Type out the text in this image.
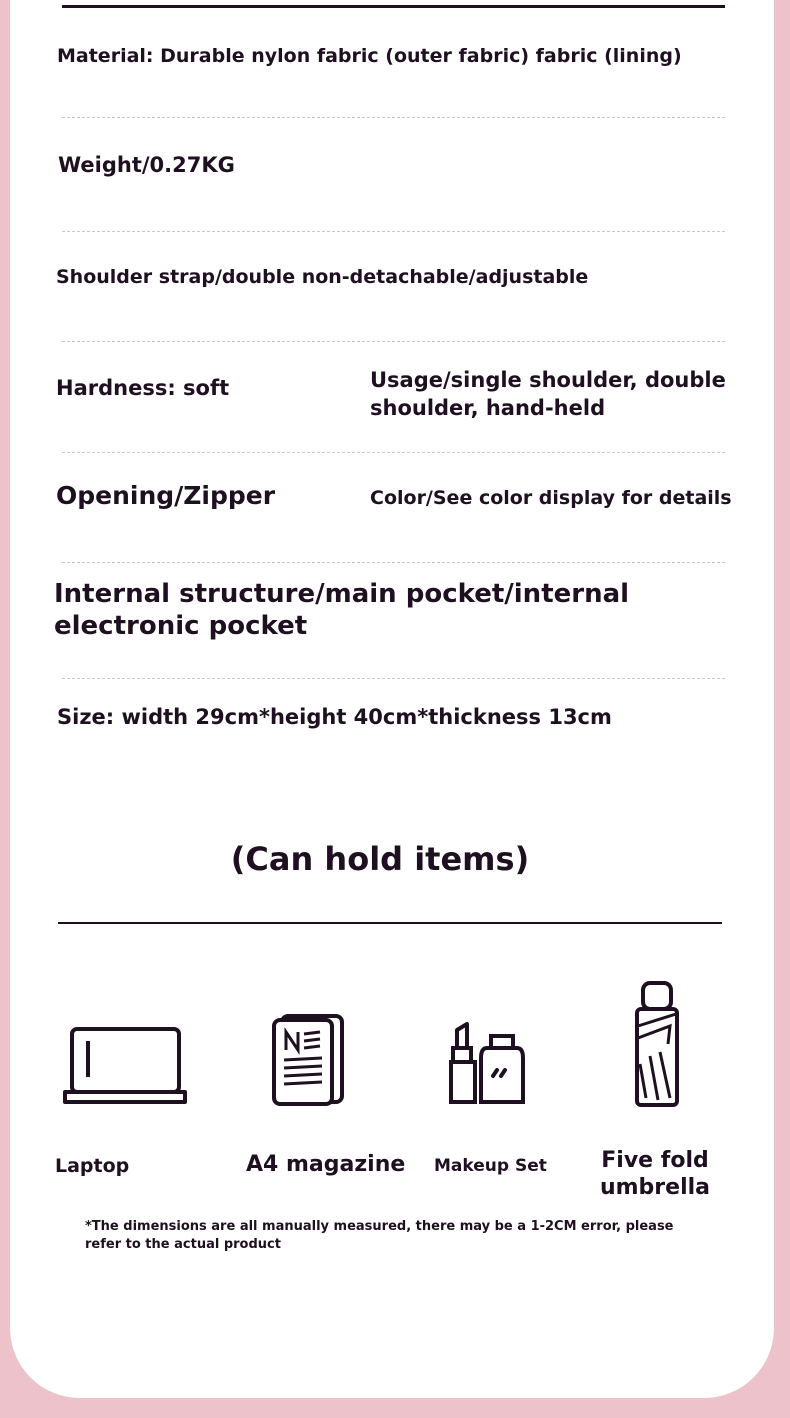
Material: Durable nylon fabric (outer fabric) fabric (lining)
Weight/0.27KG
Shoulder strap/double non-detachable/adjustable
Hardness: soft	Usage/single shoulder, double shoulder, hand-held
Opening/Zipper	Color/See color display for details
Internal structure/main pocket/internal electronic pocket
Size: width 29cm*height 40cm*thickness 13cm
(Can hold items)
Laptop	A4 magazine Makeup Set	Five fold umbrella
*The dimensions are all manually measured, there may be a 1-2CM error, please refer to the actual product
